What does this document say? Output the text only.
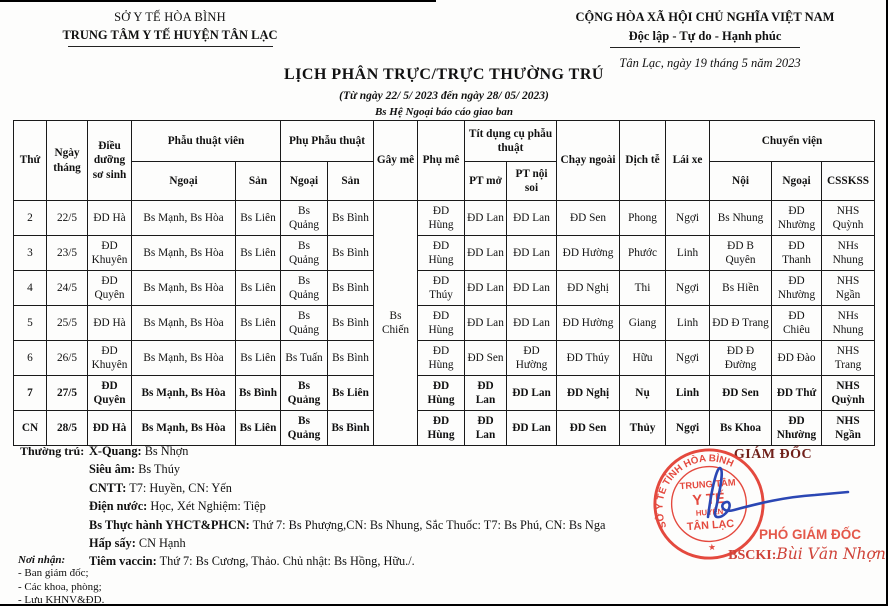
SỞ Y TẾ HÒA BÌNH
TRUNG TÂM Y TẾ HUYỆN TÂN LẠC
CỘNG HÒA XÃ HỘI CHỦ NGHĨA VIỆT NAM
Độc lập - Tự do - Hạnh phúc
Tân Lạc, ngày 19 tháng 5 năm 2023
LỊCH PHÂN TRỰC/TRỰC THƯỜNG TRÚ
(Từ ngày 22/ 5/ 2023 đến ngày 28/ 05/ 2023)
Bs Hệ Ngoại báo cáo giao ban
Thứ	Ngày tháng	Điều dưỡng sơ sinh	Phẫu thuật viên		Phụ Phẫu thuật		Gây mê	Phụ mê	Tít dụng cụ phẫu thuật		Chạy ngoài	Dịch tễ	Lái xe	Chuyển viện		
			Ngoại	Sản	Ngoại	Sản			PT mở	PT nội soi				Nội	Ngoại	CSSKSS
2	22/5	ĐD Hà	Bs Mạnh, Bs Hòa	Bs Liên	Bs Quảng	Bs Bình	Bs Chiến	ĐD Hùng	ĐD Lan	ĐD Lan	ĐD Sen	Phong	Ngợi	Bs Nhung	ĐD Nhường	NHS Quỳnh
3	23/5	ĐD Khuyên	Bs Mạnh, Bs Hòa	Bs Liên	Bs Quảng	Bs Bình		ĐD Hùng	ĐD Lan	ĐD Lan	ĐD Hường	Phước	Linh	ĐD B Quyên	ĐD Thanh	NHs Nhung
4	24/5	ĐD Quyên	Bs Mạnh, Bs Hòa	Bs Liên	Bs Quảng	Bs Bình		ĐD Thúy	ĐD Lan	ĐD Lan	ĐD Nghị	Thi	Ngợi	Bs Hiền	ĐD Nhường	NHS Ngần
5	25/5	ĐD Hà	Bs Mạnh, Bs Hòa	Bs Liên	Bs Quảng	Bs Bình		ĐD Hùng	ĐD Lan	ĐD Lan	ĐD Hường	Giang	Linh	ĐD Đ Trang	ĐD Chiêu	NHs Nhung
6	26/5	ĐD Khuyên	Bs Mạnh, Bs Hòa	Bs Liên	Bs Tuấn	Bs Bình		ĐD Hùng	ĐD Sen	ĐD Hường	ĐD Thúy	Hữu	Ngợi	ĐD Đ Đường	ĐD Đào	NHS Trang
7	27/5	ĐD Quyên	Bs Mạnh, Bs Hòa	Bs Bình	Bs Quảng	Bs Liên		ĐD Hùng	ĐD Lan	ĐD Lan	ĐD Nghị	Nụ	Linh	ĐD Sen	ĐD Thứ	NHS Quỳnh
CN	28/5	ĐD Hà	Bs Mạnh, Bs Hòa	Bs Liên	Bs Quảng	Bs Bình		ĐD Hùng	ĐD Lan	ĐD Lan	ĐD Sen	Thủy	Ngợi	Bs Khoa	ĐD Nhường	NHS Ngần
Thường trú: X-Quang: Bs Nhợn
Siêu âm: Bs Thúy
CNTT: T7: Huyền, CN: Yến
Điện nước: Học, Xét Nghiệm: Tiệp
Bs Thực hành YHCT&PHCN: Thứ 7: Bs Phượng,CN: Bs Nhung, Sắc Thuốc: T7: Bs Phú, CN: Bs Nga
Hấp sấy: CN Hạnh
Tiêm vaccin: Thứ 7: Bs Cương, Thảo. Chủ nhật: Bs Hồng, Hữu./.
Nơi nhận:
- Ban giám đốc;
- Các khoa, phòng;
- Lưu KHNV&ĐD.
GIÁM ĐỐC
SỞ Y TẾ TỈNH HÒA BÌNH
TRUNG TÂM
Y TẾ
HUYỆN
TÂN LẠC
★
PHÓ GIÁM ĐỐC
BSCKI:Bùi Văn Nhợn
